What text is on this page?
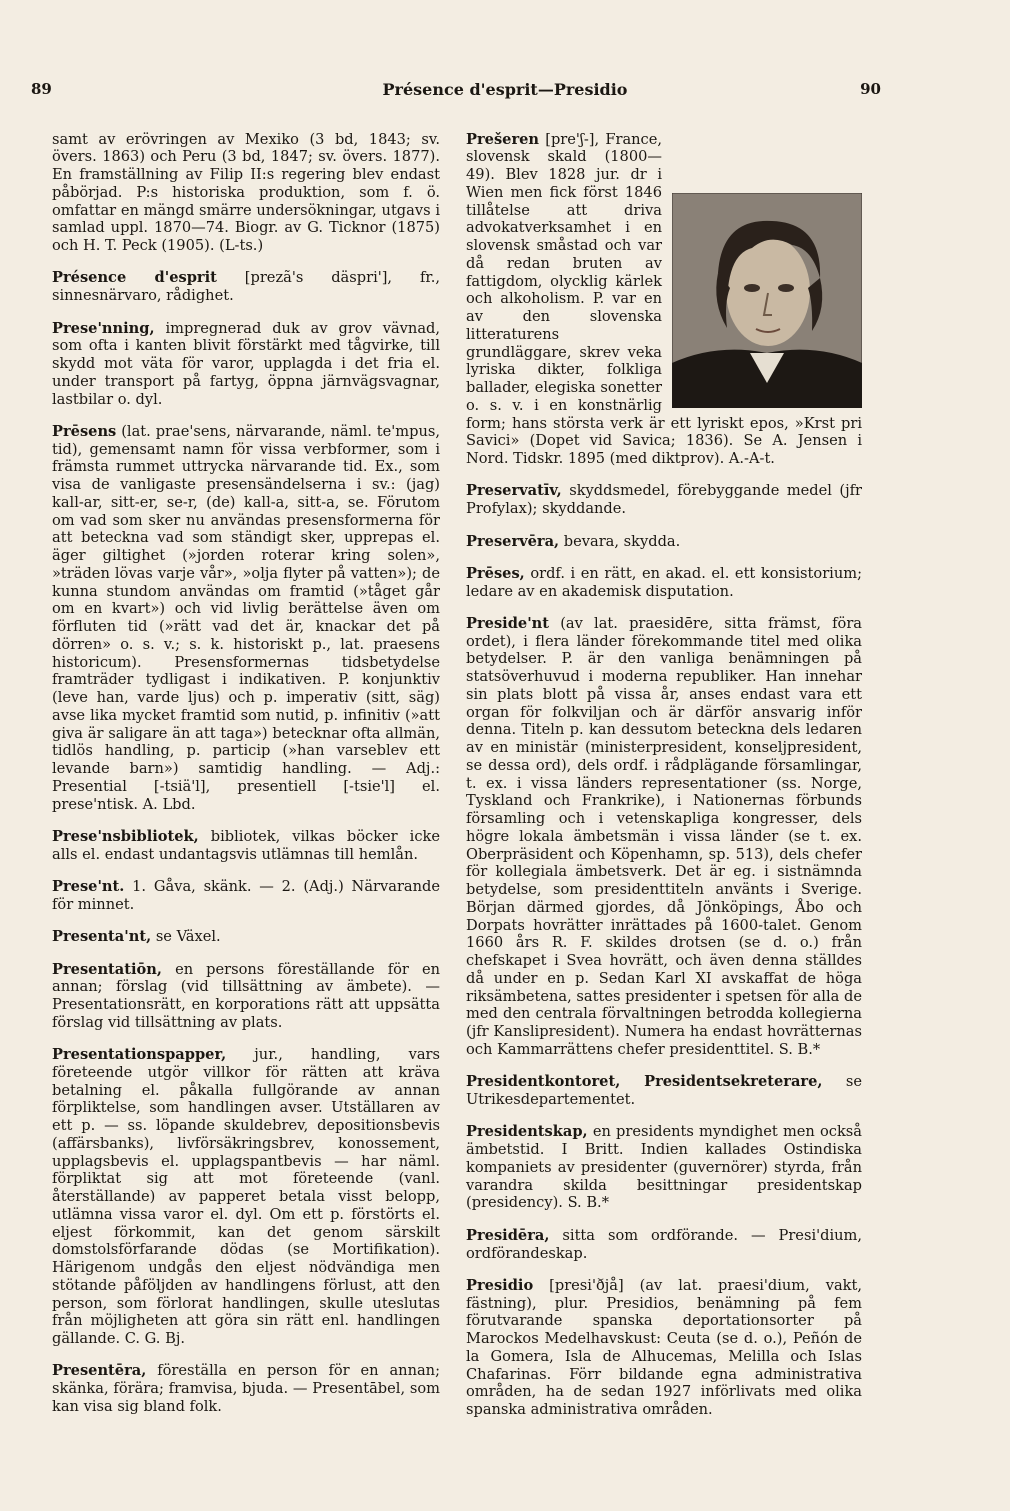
89	Présence d'esprit—Presidio	90

samt av erövringen av Mexiko (3 bd, 1843; sv. övers. 1863) och Peru (3 bd, 1847; sv. övers. 1877). En framställning av Filip II:s regering blev endast påbörjad. P:s historiska produktion, som f. ö. omfattar en mängd smärre undersökningar, utgavs i samlad uppl. 1870—74. Biogr. av G. Ticknor (1875) och H. T. Peck (1905). (L-ts.)

Présence d'esprit [prezã's däspri'], fr., sinnesnärvaro, rådighet.

Prese'nning, impregnerad duk av grov vävnad, som ofta i kanten blivit förstärkt med tågvirke, till skydd mot väta för varor, upplagda i det fria el. under transport på fartyg, öppna järnvägsvagnar, lastbilar o. dyl.

Prēsens (lat. prae'sens, närvarande, näml. te'mpus, tid), gemensamt namn för vissa verbformer, som i främsta rummet uttrycka närvarande tid. Ex., som visa de vanligaste presensändelserna i sv.: (jag) kall-ar, sitt-er, se-r, (de) kall-a, sitt-a, se. Förutom om vad som sker nu användas presensformerna för att beteckna vad som ständigt sker, upprepas el. äger giltighet (»jorden roterar kring solen», »träden lövas varje vår», »olja flyter på vatten»); de kunna stundom användas om framtid (»tåget går om en kvart») och vid livlig berättelse även om förfluten tid (»rätt vad det är, knackar det på dörren» o. s. v.; s. k. historiskt p., lat. praesens historicum). Presensformernas tidsbetydelse framträder tydligast i indikativen. P. konjunktiv (leve han, varde ljus) och p. imperativ (sitt, säg) avse lika mycket framtid som nutid, p. infinitiv (»att giva är saligare än att taga») betecknar ofta allmän, tidlös handling, p. particip (»han varseblev ett levande barn») samtidig handling. — Adj.: Presential [-tsiä'l], presentiell [-tsie'l] el. prese'ntisk. A. Lbd.

Prese'nsbibliotek, bibliotek, vilkas böcker icke alls el. endast undantagsvis utlämnas till hemlån.

Prese'nt. 1. Gåva, skänk. — 2. (Adj.) Närvarande för minnet.

Presenta'nt, se Växel.

Presentatiōn, en persons föreställande för en annan; förslag (vid tillsättning av ämbete). — Presentationsrätt, en korporations rätt att uppsätta förslag vid tillsättning av plats.

Presentationspapper, jur., handling, vars företeende utgör villkor för rätten att kräva betalning el. påkalla fullgörande av annan förpliktelse, som handlingen avser. Utställaren av ett p. — ss. löpande skuldebrev, depositionsbevis (affärsbanks), livförsäkringsbrev, konossement, upplagsbevis el. upplagspantbevis — har näml. förpliktat sig att mot företeende (vanl. återställande) av papperet betala visst belopp, utlämna vissa varor el. dyl. Om ett p. förstörts el. eljest förkommit, kan det genom särskilt domstolsförfarande dödas (se Mortifikation). Härigenom undgås den eljest nödvändiga men stötande påföljden av handlingens förlust, att den person, som förlorat handlingen, skulle uteslutas från möjligheten att göra sin rätt enl. handlingen gällande. C. G. Bj.

Presentēra, föreställa en person för en annan; skänka, förära; framvisa, bjuda. — Presentābel, som kan visa sig bland folk.

Prešeren [pre'ʃ-], France, slovensk skald (1800—49). Blev 1828 jur. dr i Wien men fick först 1846 tillåtelse att driva advokatverksamhet i en slovensk småstad och var då redan bruten av fattigdom, olycklig kärlek och alkoholism. P. var en av den slovenska litteraturens grundläggare, skrev veka lyriska dikter, folkliga ballader, elegiska sonetter o. s. v. i en konstnärlig form; hans största verk är ett lyriskt epos, »Krst pri Savici» (Dopet vid Savica; 1836). Se A. Jensen i Nord. Tidskr. 1895 (med diktprov). A.-A-t.

Preservatīv, skyddsmedel, förebyggande medel (jfr Profylax); skyddande.

Preservēra, bevara, skydda.

Prēses, ordf. i en rätt, en akad. el. ett konsistorium; ledare av en akademisk disputation.

Preside'nt (av lat. praesidēre, sitta främst, föra ordet), i flera länder förekommande titel med olika betydelser. P. är den vanliga benämningen på statsöverhuvud i moderna republiker. Han innehar sin plats blott på vissa år, anses endast vara ett organ för folkviljan och är därför ansvarig inför denna. Titeln p. kan dessutom beteckna dels ledaren av en ministär (ministerpresident, konseljpresident, se dessa ord), dels ordf. i rådplägande församlingar, t. ex. i vissa länders representationer (ss. Norge, Tyskland och Frankrike), i Nationernas förbunds församling och i vetenskapliga kongresser, dels högre lokala ämbetsmän i vissa länder (se t. ex. Oberpräsident och Köpenhamn, sp. 513), dels chefer för kollegiala ämbetsverk. Det är eg. i sistnämnda betydelse, som presidenttiteln använts i Sverige. Början därmed gjordes, då Jönköpings, Åbo och Dorpats hovrätter inrättades på 1600-talet. Genom 1660 års R. F. skildes drotsen (se d. o.) från chefskapet i Svea hovrätt, och även denna ställdes då under en p. Sedan Karl XI avskaffat de höga riksämbetena, sattes presidenter i spetsen för alla de med den centrala förvaltningen betrodda kollegierna (jfr Kanslipresident). Numera ha endast hovrätternas och Kammarrättens chefer presidenttitel. S. B.*

Presidentkontoret, Presidentsekreterare, se Utrikesdepartementet.

Presidentskap, en presidents myndighet men också ämbetstid. I Britt. Indien kallades Ostindiska kompaniets av presidenter (guvernörer) styrda, från varandra skilda besittningar presidentskap (presidency). S. B.*

Presidēra, sitta som ordförande. — Presi'dium, ordförandeskap.

Presidio [presi'ðjå] (av lat. praesi'dium, vakt, fästning), plur. Presidios, benämning på fem förutvarande spanska deportationsorter på Marockos Medelhavskust: Ceuta (se d. o.), Peñón de la Gomera, Isla de Alhucemas, Melilla och Islas Chafarinas. Förr bildande egna administrativa områden, ha de sedan 1927 införlivats med olika spanska administrativa områden.
